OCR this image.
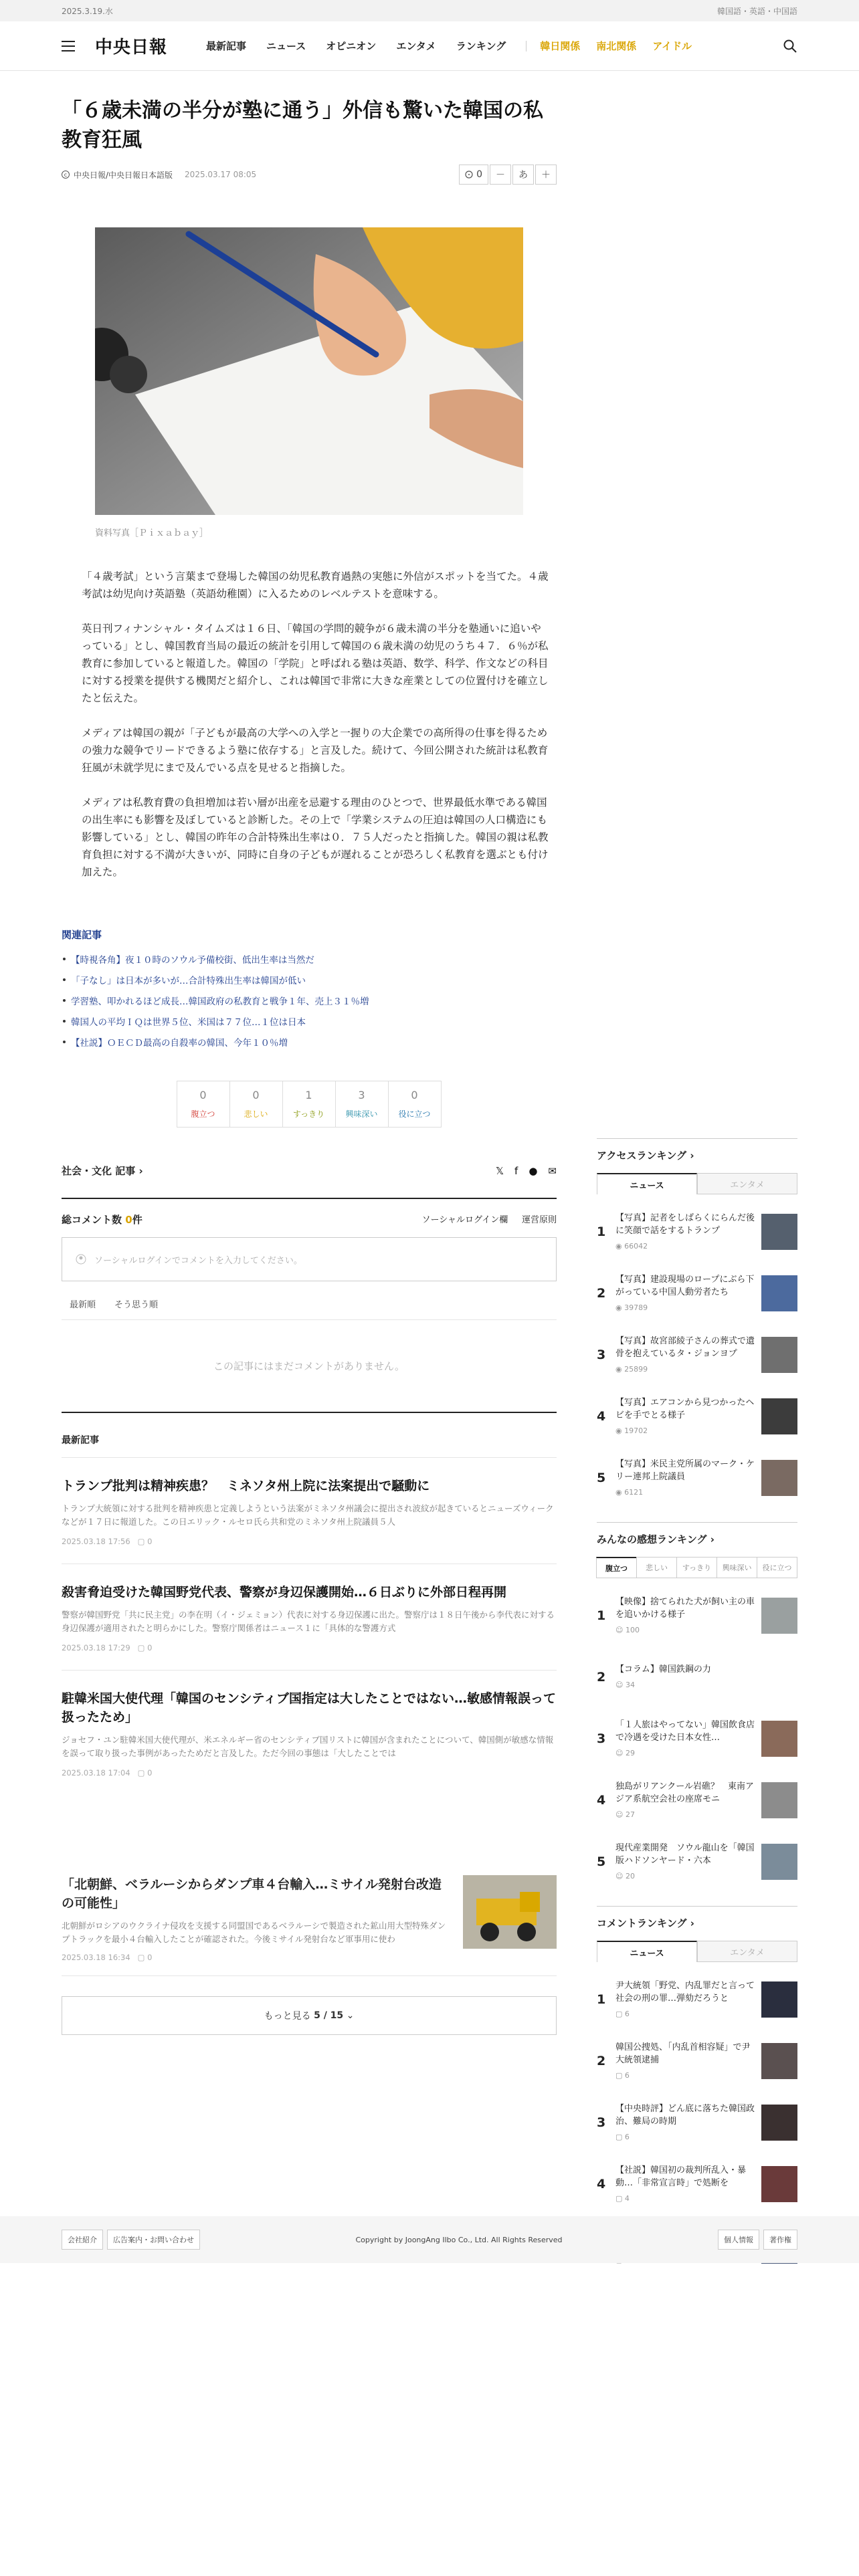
2025.3.19.水	韓国語・英語・中国語
中央日報	最新記事 ニュース オピニオン エンタメ ランキング	韓日関係 南北関係 アイドル
「６歳未満の半分が塾に通う」外信も驚いた韓国の私教育狂風
c 中央日報/中央日報日本語版 2025.03.17 08:05	0	－	あ	＋
資料写真［Ｐｉｘａｂａｙ］

「４歳考試」という言葉まで登場した韓国の幼児私教育過熱の実態に外信がスポットを当てた。４歳考試は幼児向け英語塾（英語幼稚園）に入るためのレベルテストを意味する。

英日刊フィナンシャル・タイムズは１６日、「韓国の学問的競争が６歳未満の半分を塾通いに追いやっている」とし、韓国教育当局の最近の統計を引用して韓国の６歳未満の幼児のうち４７．６％が私教育に参加していると報道した。韓国の「学院」と呼ばれる塾は英語、数学、科学、作文などの科目に対する授業を提供する機関だと紹介し、これは韓国で非常に大きな産業としての位置付けを確立したと伝えた。

メディアは韓国の親が「子どもが最高の大学への入学と一握りの大企業での高所得の仕事を得るための強力な競争でリードできるよう塾に依存する」と言及した。続けて、今回公開された統計は私教育狂風が未就学児にまで及んでいる点を見せると指摘した。

メディアは私教育費の負担増加は若い層が出産を忌避する理由のひとつで、世界最低水準である韓国の出生率にも影響を及ぼしていると診断した。その上で「学業システムの圧迫は韓国の人口構造にも影響している」とし、韓国の昨年の合計特殊出生率は０．７５人だったと指摘した。韓国の親は私教育負担に対する不満が大きいが、同時に自身の子どもが遅れることが恐ろしく私教育を選ぶとも付け加えた。

関連記事
【時視各角】夜１０時のソウル予備校街、低出生率は当然だ
「子なし」は日本が多いが…合計特殊出生率は韓国が低い
学習塾、叩かれるほど成長…韓国政府の私教育と戦争１年、売上３１％増
韓国人の平均ＩＱは世界５位、米国は７７位…１位は日本
【社説】ＯＥＣＤ最高の自殺率の韓国、今年１０％増
0
腹立つ
0
悲しい
1
すっきり
3
興味深い
0
役に立つ
社会・文化 記事 ›	𝕏 f ● ✉
総コメント数 0件	ソーシャルログイン欄 運営原則
ソーシャルログインでコメントを入力してください。
最新順 そう思う順
この記事にはまだコメントがありません。
最新記事
トランプ批判は精神疾患？　ミネソタ州上院に法案提出で騒動に
トランプ大統領に対する批判を精神疾患と定義しようという法案がミネソタ州議会に提出され波紋が起きているとニューズウィークなどが１７日に報道した。この日エリック・ルセロ氏ら共和党のミネソタ州上院議員５人
2025.03.18 17:56   ▢ 0
殺害脅迫受けた韓国野党代表、警察が身辺保護開始…６日ぶりに外部日程再開
警察が韓国野党「共に民主党」の李在明（イ・ジェミョン）代表に対する身辺保護に出た。警察庁は１８日午後から李代表に対する身辺保護が適用されたと明らかにした。警察庁関係者はニュース１に「具体的な警護方式
2025.03.18 17:29   ▢ 0
駐韓米国大使代理「韓国のセンシティブ国指定は大したことではない…敏感情報誤って扱ったため」
ジョセフ・ユン駐韓米国大使代理が、米エネルギー省のセンシティブ国リストに韓国が含まれたことについて、韓国側が敏感な情報を誤って取り扱った事例があったためだと言及した。ただ今回の事態は「大したことでは
2025.03.18 17:04   ▢ 0
「北朝鮮、ベラルーシからダンプ車４台輸入…ミサイル発射台改造の可能性」
北朝鮮がロシアのウクライナ侵攻を支援する同盟国であるベラルーシで製造された鉱山用大型特殊ダンプトラックを最小４台輸入したことが確認された。今後ミサイル発射台など軍事用に使わ
2025.03.18 16:34   ▢ 0
もっと見る
5 / 15
⌄
アクセスランキング ›
ニュース	エンタメ
1
【写真】記者をしばらくにらんだ後に笑顔で話をするトランプ
◉ 66042
2
【写真】建設現場のロープにぶら下がっている中国人動労者たち
◉ 39789
3
【写真】故宮部綾子さんの葬式で遺骨を抱えているタ・ジョンヨプ
◉ 25899
4
【写真】エアコンから見つかったヘビを手でとる様子
◉ 19702
5
【写真】米民主党所属のマーク・ケリー連邦上院議員
◉ 6121
みんなの感想ランキング ›
腹立つ	悲しい	すっきり	興味深い	役に立つ
1
【映像】捨てられた犬が飼い主の車を追いかける様子
☺ 100
2
【コラム】韓国鉄鋼の力
☺ 34
3
「１人旅はやってない」韓国飲食店で冷遇を受けた日本女性…
☺ 29
4
独島がリアンクール岩礁？　東南アジア系航空会社の座席モニ
☺ 27
5
現代産業開発　ソウル龍山を「韓国版ハドソンヤード・六本
☺ 20
コメントランキング ›
ニュース	エンタメ
1
尹大統領「野党、内乱罪だと言って社会の刑の罪…弾劾だろうと
▢ 6
2
韓国公捜処、「内乱首相容疑」で尹大統領逮捕
▢ 6
3
【中央時評】どん底に落ちた韓国政治、難局の時期
▢ 6
4
【社説】韓国初の裁判所乱入・暴動…「非常宣言時」で処断を
▢ 4
会社紹介	広告案内・お問い合わせ	Copyright by JoongAng Ilbo Co., Ltd. All Rights Reserved	個人情報	著作権
